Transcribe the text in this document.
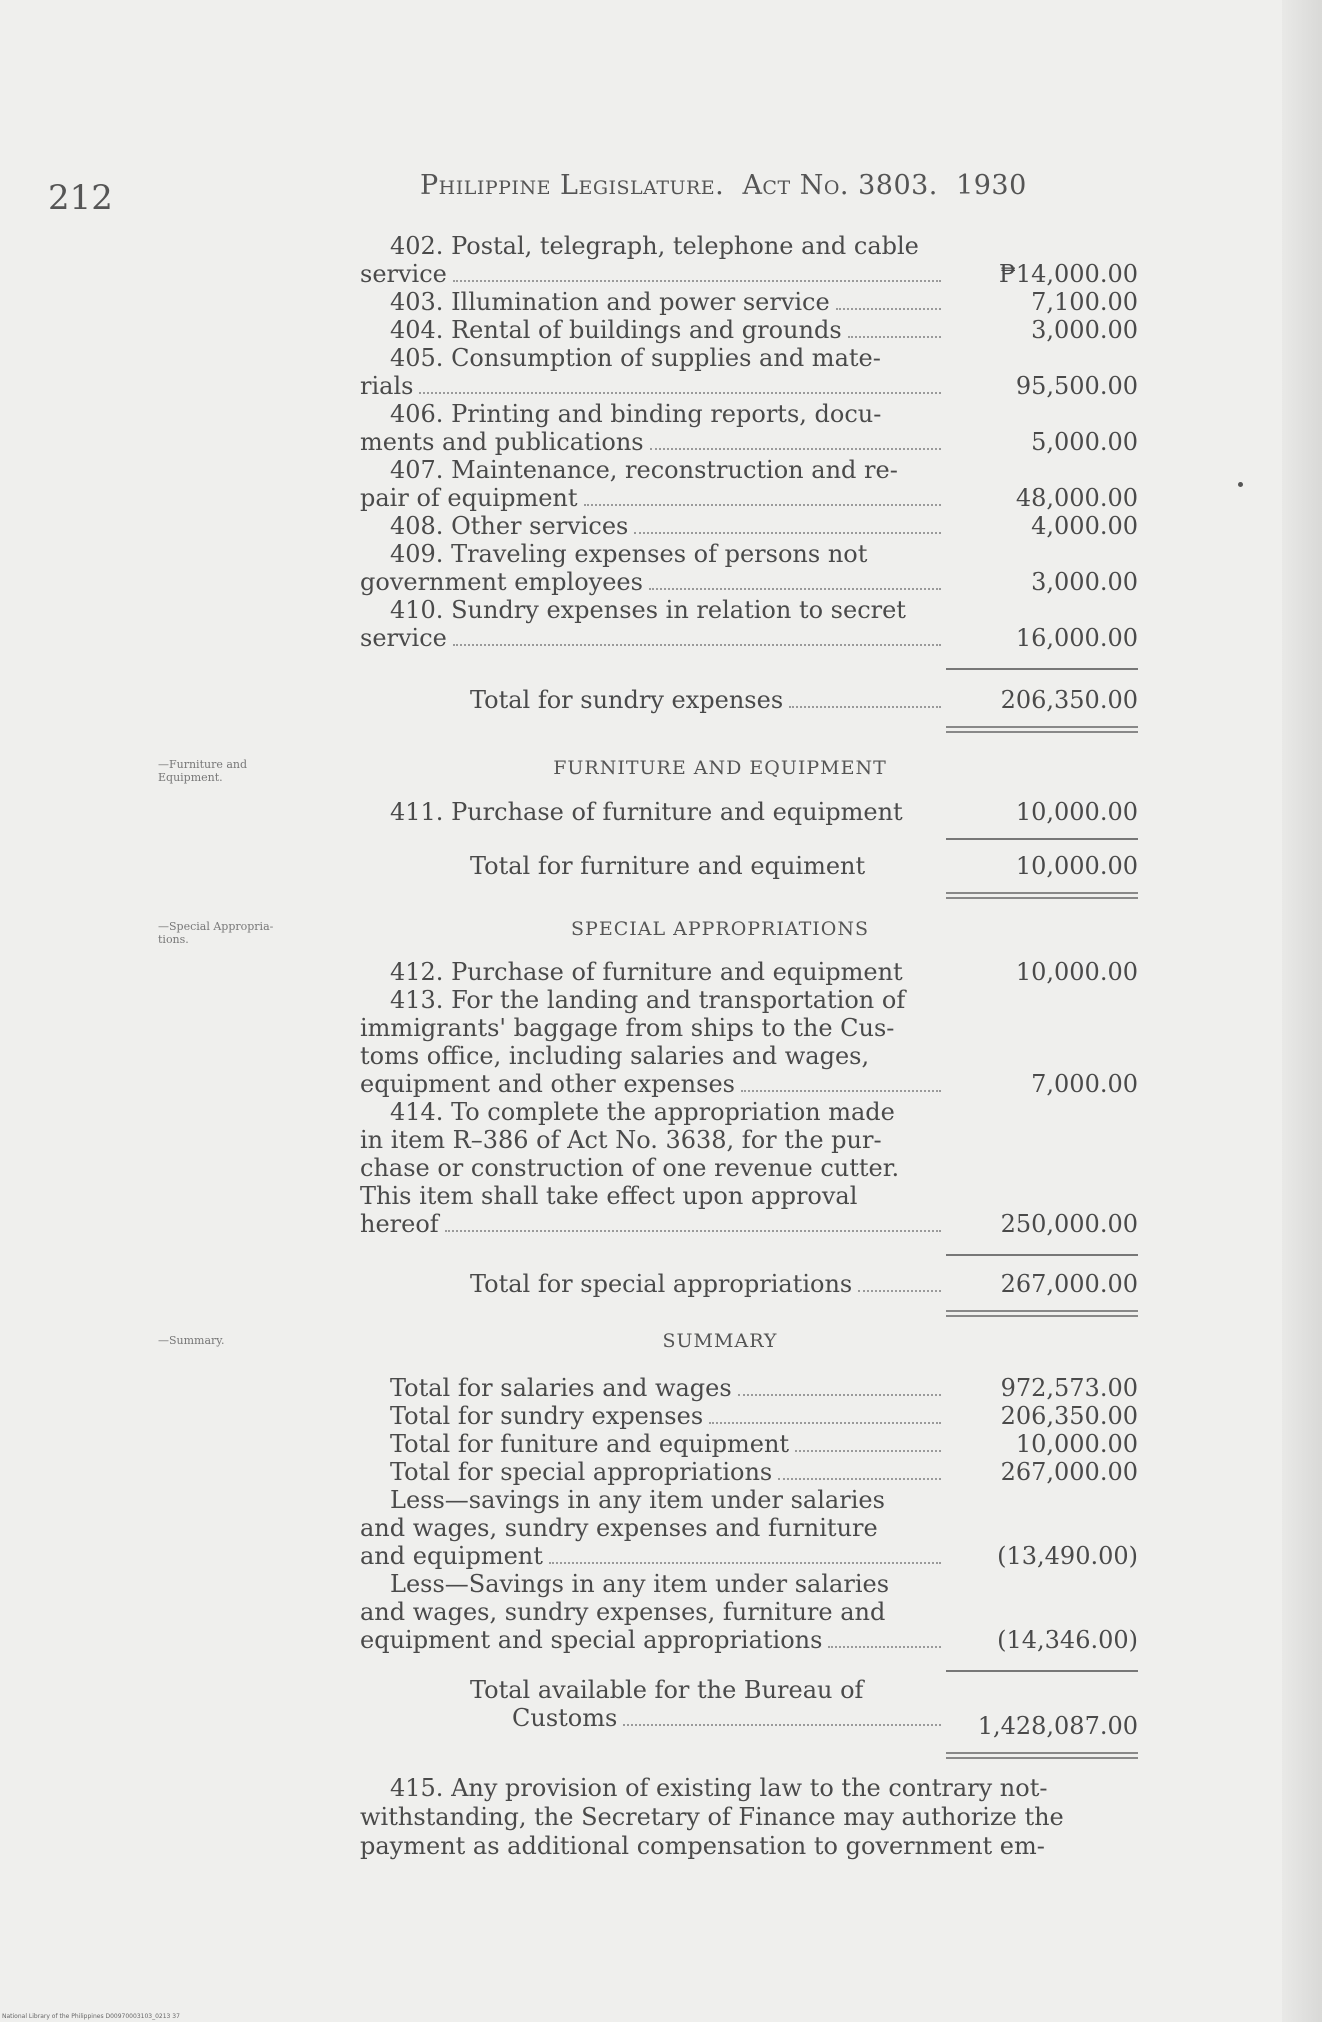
212	Philippine Legislature. Act No. 3803. 1930
402. Postal, telegraph, telephone and cable
service	₱14,000.00
403. Illumination and power service	7,100.00
404. Rental of buildings and grounds	3,000.00
405. Consumption of supplies and mate-
rials	95,500.00
406. Printing and binding reports, docu-
ments and publications	5,000.00
407. Maintenance, reconstruction and re-
pair of equipment	48,000.00
408. Other services	4,000.00
409. Traveling expenses of persons not
government employees	3,000.00
410. Sundry expenses in relation to secret
service	16,000.00
Total for sundry expenses	206,350.00
—Furniture and
Equipment.	FURNITURE AND EQUIPMENT
411. Purchase of furniture and equipment	10,000.00
Total for furniture and equiment	10,000.00
—Special Appropria-
tions.	SPECIAL APPROPRIATIONS
412. Purchase of furniture and equipment	10,000.00
413. For the landing and transportation of
immigrants' baggage from ships to the Cus-
toms office, including salaries and wages,
equipment and other expenses	7,000.00
414. To complete the appropriation made
in item R–386 of Act No. 3638, for the pur-
chase or construction of one revenue cutter.
This item shall take effect upon approval
hereof	250,000.00
Total for special appropriations	267,000.00
—Summary.	SUMMARY
Total for salaries and wages	972,573.00
Total for sundry expenses	206,350.00
Total for funiture and equipment	10,000.00
Total for special appropriations	267,000.00
Less—savings in any item under salaries
and wages, sundry expenses and furniture
and equipment	(13,490.00)
Less—Savings in any item under salaries
and wages, sundry expenses, furniture and
equipment and special appropriations	(14,346.00)
Total available for the Bureau of
Customs	1,428,087.00
415. Any provision of existing law to the contrary not-
withstanding, the Secretary of Finance may authorize the
payment as additional compensation to government em-
National Library of the Philippines D00970003103_0213 37
